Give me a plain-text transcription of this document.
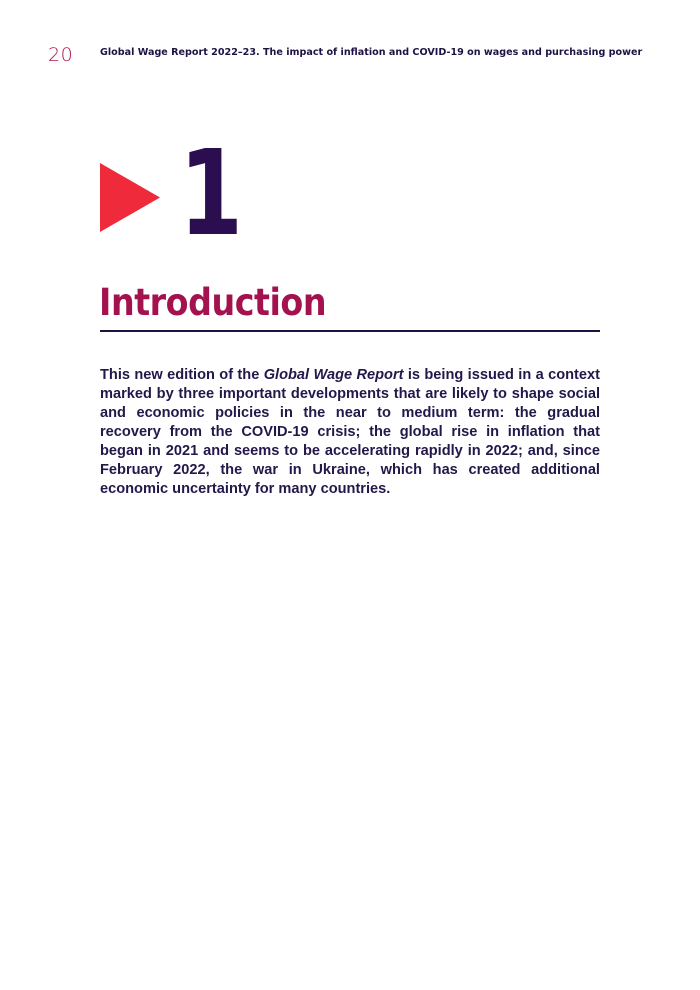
20	Global Wage Report 2022–23. The impact of inflation and COVID-19 on wages and purchasing power
1
Introduction

This new edition of the Global Wage Report is being issued in a context marked by three important developments that are likely to shape social and economic policies in the near to medium term: the gradual recovery from the COVID-19 crisis; the global rise in inflation that began in 2021 and seems to be accelerating rapidly in 2022; and, since February 2022, the war in Ukraine, which has created additional economic uncertainty for many countries.
